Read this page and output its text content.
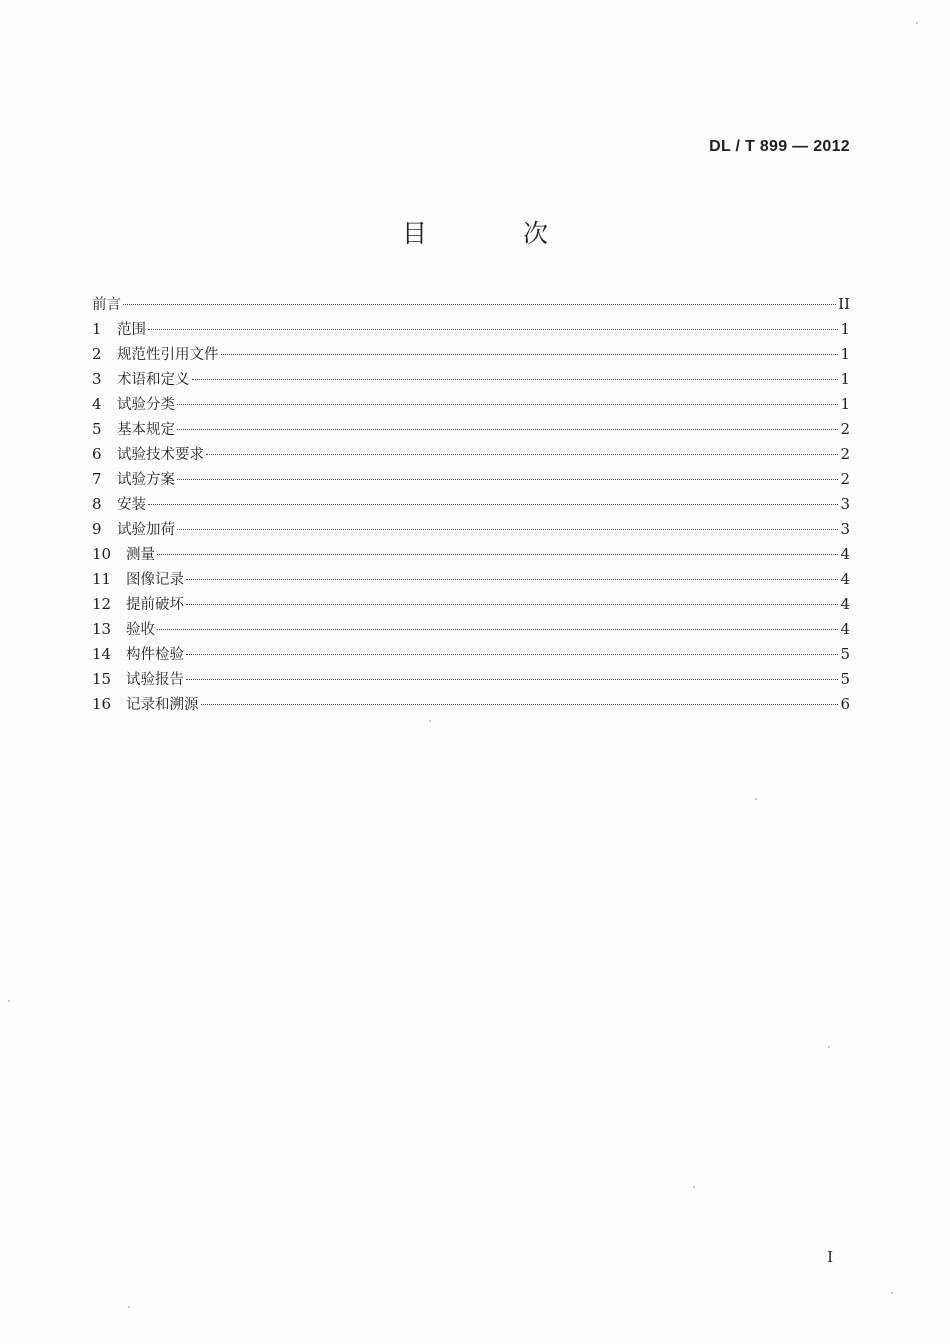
DL / T 899 — 2012
目 次
前言	II
1 范围	1
2 规范性引用文件	1
3 术语和定义	1
4 试验分类	1
5 基本规定	2
6 试验技术要求	2
7 试验方案	2
8 安装	3
9 试验加荷	3
10 测量	4
11 图像记录	4
12 提前破坏	4
13 验收	4
14 构件检验	5
15 试验报告	5
16 记录和溯源	6
I
